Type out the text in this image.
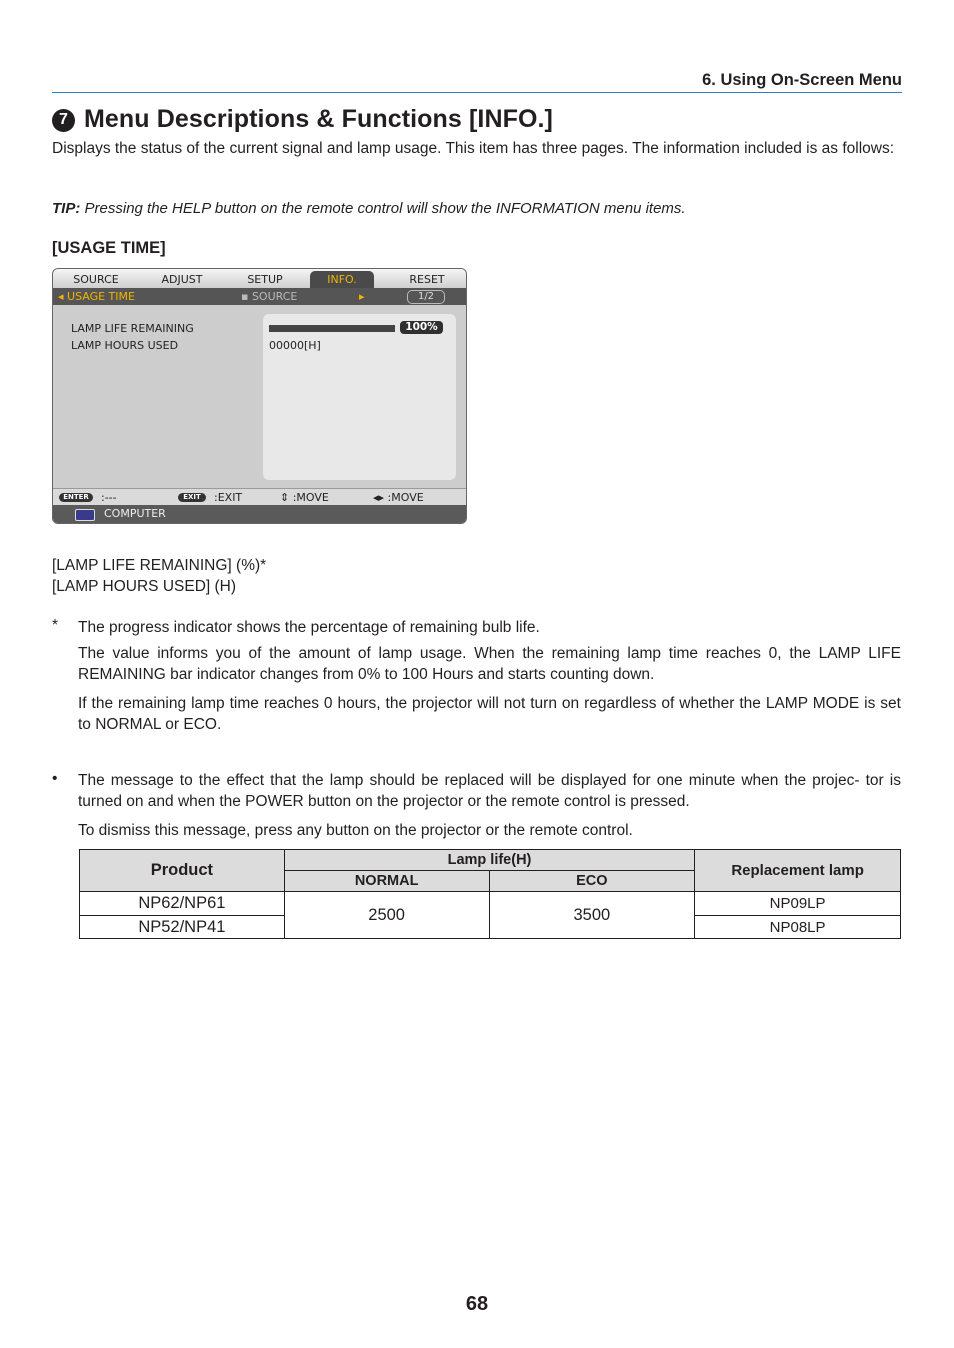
6. Using On-Screen Menu
7 Menu Descriptions & Functions [INFO.]
Displays the status of the current signal and lamp usage. This item has three pages. The information included is as follows:
TIP: Pressing the HELP button on the remote control will show the INFORMATION menu items.
[USAGE TIME]
SOURCE	ADJUST	SETUP	INFO.	RESET
◂ USAGE TIME	▪ SOURCE	▸	1/2
LAMP LIFE REMAINING
LAMP HOURS USED
100%
00000[H]
ENTER	:---	EXIT	:EXIT	⇕ :MOVE	◂▸ :MOVE
COMPUTER
[LAMP LIFE REMAINING] (%)*
[LAMP HOURS USED] (H)
* The progress indicator shows the percentage of remaining bulb life.
The value informs you of the amount of lamp usage. When the remaining lamp time reaches 0, the LAMP LIFE REMAINING bar indicator changes from 0% to 100 Hours and starts counting down.
If the remaining lamp time reaches 0 hours, the projector will not turn on regardless of whether the LAMP MODE is set to NORMAL or ECO.
• The message to the effect that the lamp should be replaced will be displayed for one minute when the projec- tor is turned on and when the POWER button on the projector or the remote control is pressed.
To dismiss this message, press any button on the projector or the remote control.
Product	Lamp life(H)		Replacement lamp
	NORMAL	ECO	
NP62/NP61	2500	3500	NP09LP
NP52/NP41			NP08LP
68
